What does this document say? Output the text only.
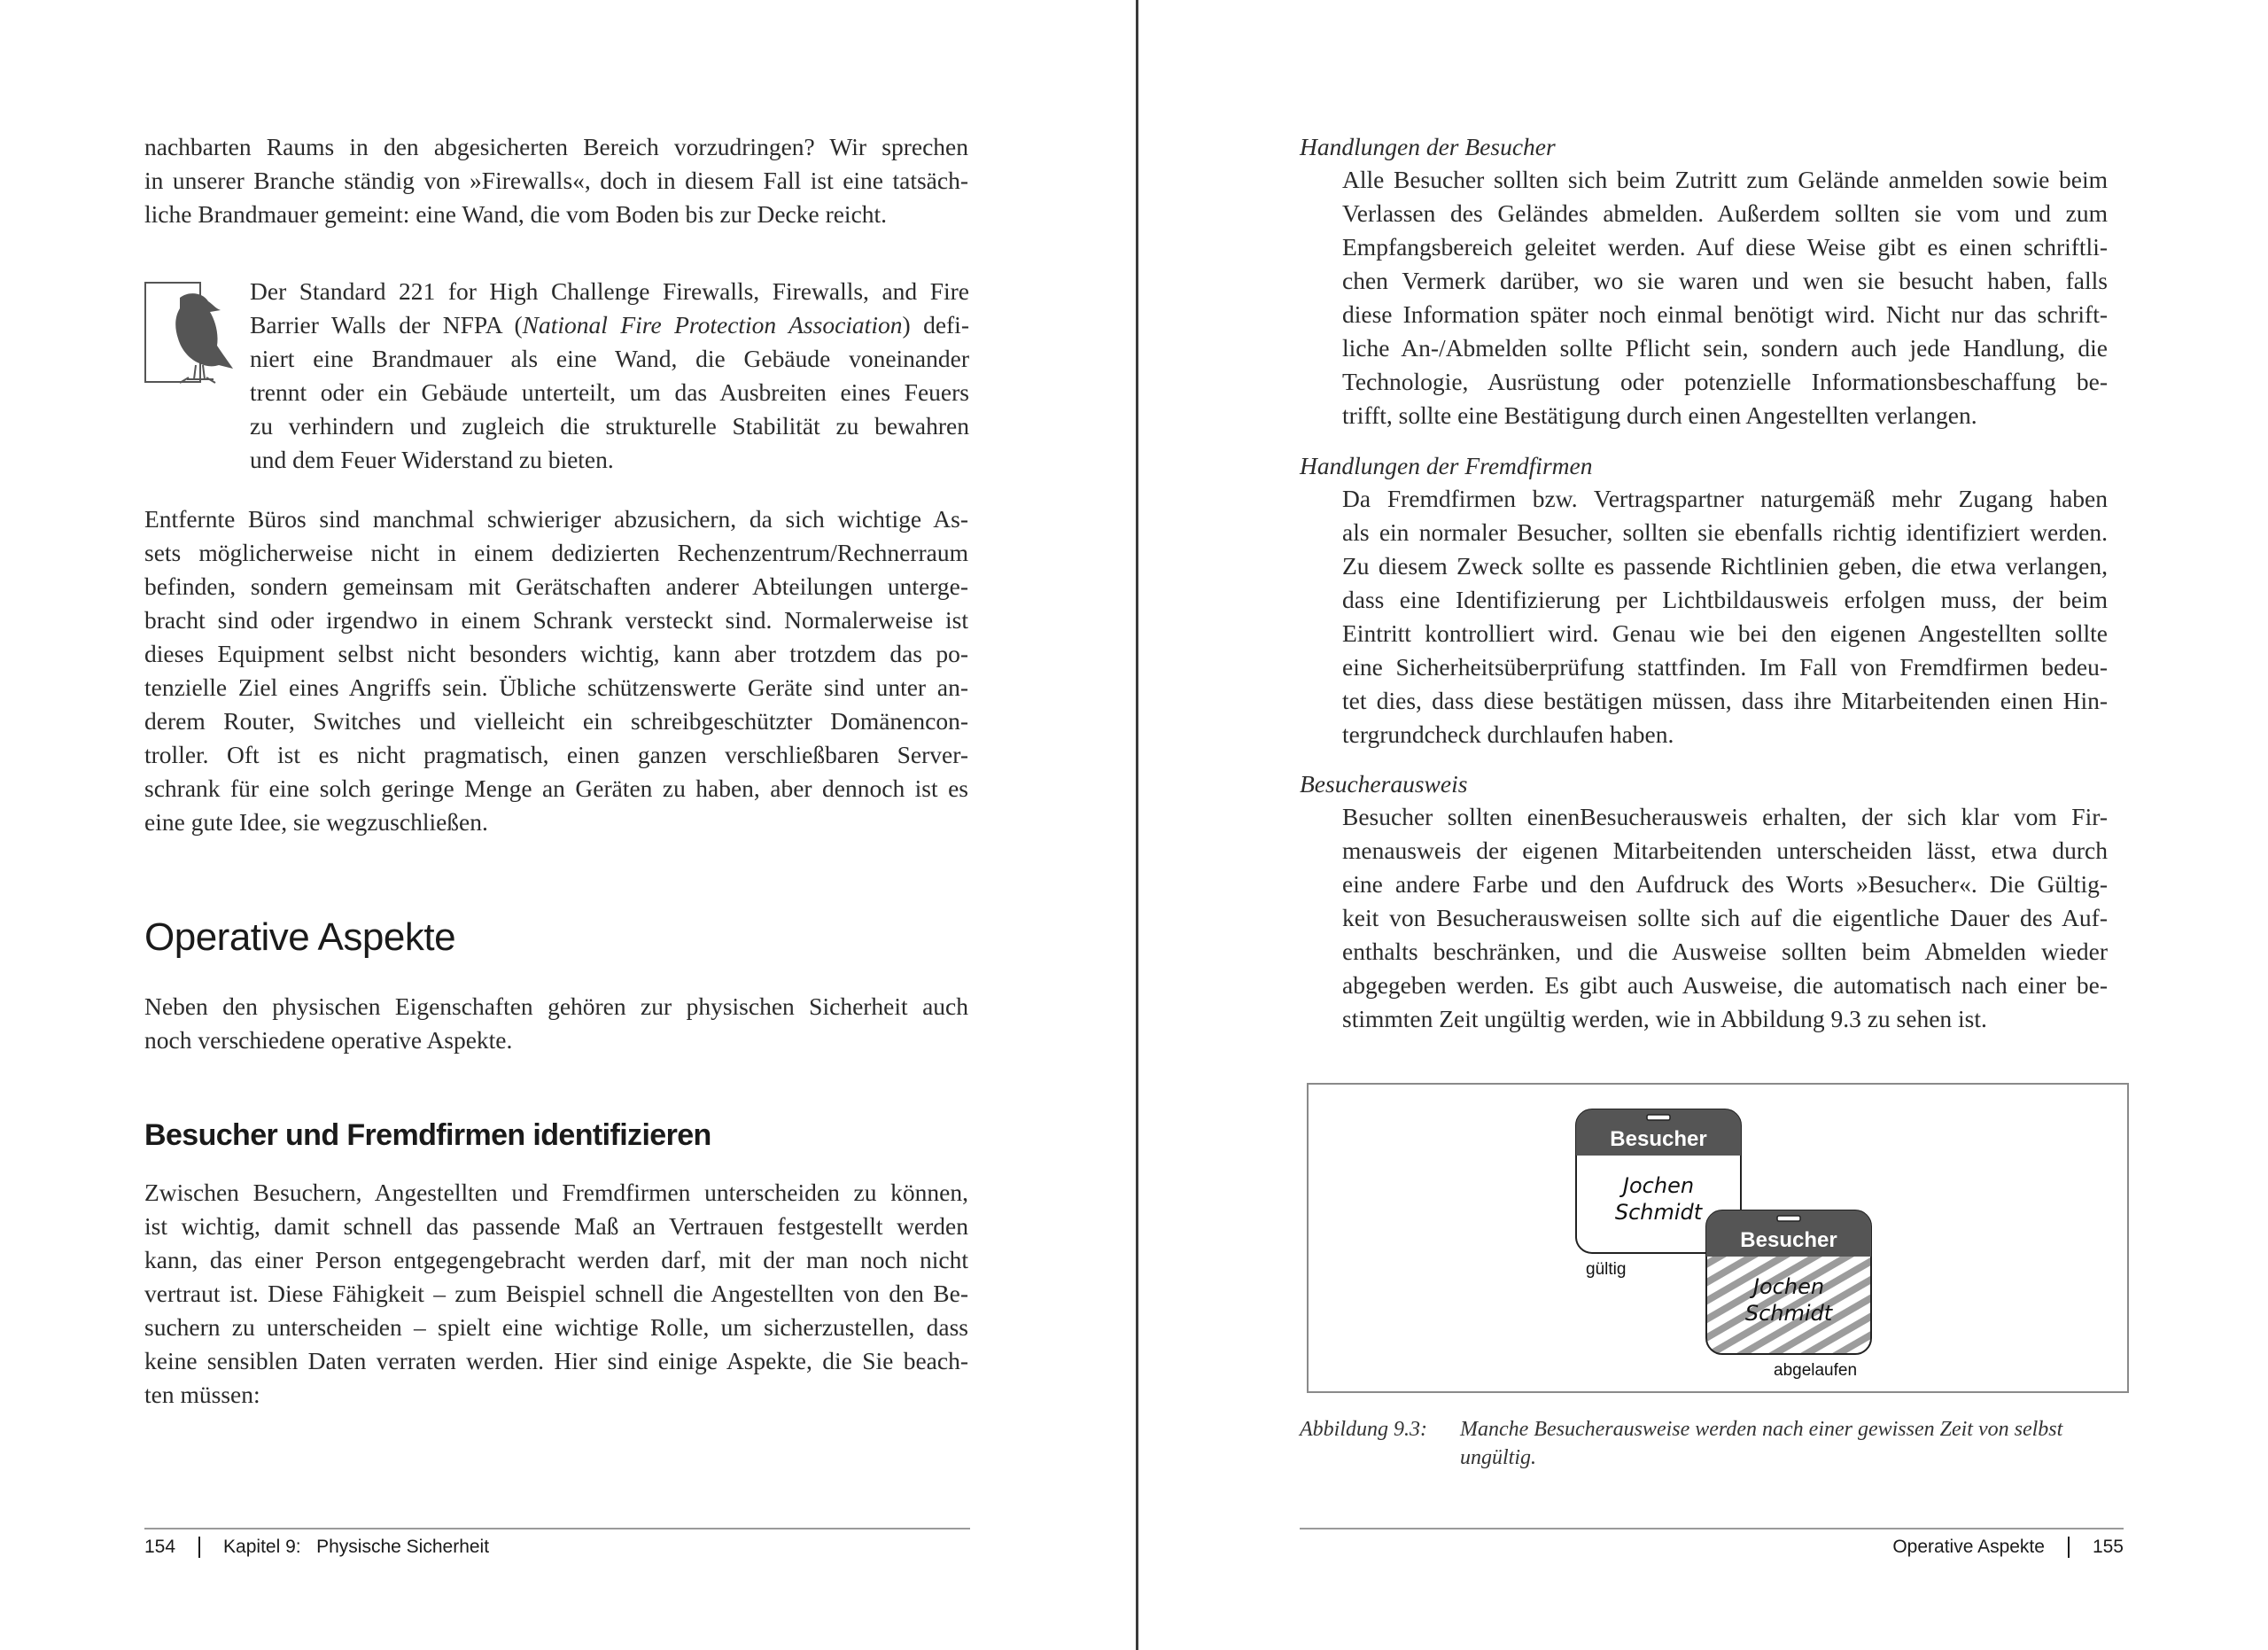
nachbarten Raums in den abgesicherten Bereich vorzudringen? Wir sprechen
in unserer Branche ständig von »Firewalls«, doch in diesem Fall ist eine tatsäch-
liche Brandmauer gemeint: eine Wand, die vom Boden bis zur Decke reicht.
Der Standard 221 for High Challenge Firewalls, Firewalls, and Fire
Barrier Walls der NFPA (National Fire Protection Association) defi-
niert eine Brandmauer als eine Wand, die Gebäude voneinander
trennt oder ein Gebäude unterteilt, um das Ausbreiten eines Feuers
zu verhindern und zugleich die strukturelle Stabilität zu bewahren
und dem Feuer Widerstand zu bieten.
Entfernte Büros sind manchmal schwieriger abzusichern, da sich wichtige As-
sets möglicherweise nicht in einem dedizierten Rechenzentrum/Rechnerraum
befinden, sondern gemeinsam mit Gerätschaften anderer Abteilungen unterge-
bracht sind oder irgendwo in einem Schrank versteckt sind. Normalerweise ist
dieses Equipment selbst nicht besonders wichtig, kann aber trotzdem das po-
tenzielle Ziel eines Angriffs sein. Übliche schützenswerte Geräte sind unter an-
derem Router, Switches und vielleicht ein schreibgeschützter Domänencon-
troller. Oft ist es nicht pragmatisch, einen ganzen verschließbaren Server-
schrank für eine solch geringe Menge an Geräten zu haben, aber dennoch ist es
eine gute Idee, sie wegzuschließen.
Operative Aspekte
Neben den physischen Eigenschaften gehören zur physischen Sicherheit auch
noch verschiedene operative Aspekte.
Besucher und Fremdfirmen identifizieren
Zwischen Besuchern, Angestellten und Fremdfirmen unterscheiden zu können,
ist wichtig, damit schnell das passende Maß an Vertrauen festgestellt werden
kann, das einer Person entgegengebracht werden darf, mit der man noch nicht
vertraut ist. Diese Fähigkeit – zum Beispiel schnell die Angestellten von den Be-
suchern zu unterscheiden – spielt eine wichtige Rolle, um sicherzustellen, dass
keine sensiblen Daten verraten werden. Hier sind einige Aspekte, die Sie beach-
ten müssen:
154	Kapitel 9: Physische Sicherheit
Handlungen der Besucher
Alle Besucher sollten sich beim Zutritt zum Gelände anmelden sowie beim
Verlassen des Geländes abmelden. Außerdem sollten sie vom und zum
Empfangsbereich geleitet werden. Auf diese Weise gibt es einen schriftli-
chen Vermerk darüber, wo sie waren und wen sie besucht haben, falls
diese Information später noch einmal benötigt wird. Nicht nur das schrift-
liche An-/Abmelden sollte Pflicht sein, sondern auch jede Handlung, die
Technologie, Ausrüstung oder potenzielle Informationsbeschaffung be-
trifft, sollte eine Bestätigung durch einen Angestellten verlangen.
Handlungen der Fremdfirmen
Da Fremdfirmen bzw. Vertragspartner naturgemäß mehr Zugang haben
als ein normaler Besucher, sollten sie ebenfalls richtig identifiziert werden.
Zu diesem Zweck sollte es passende Richtlinien geben, die etwa verlangen,
dass eine Identifizierung per Lichtbildausweis erfolgen muss, der beim
Eintritt kontrolliert wird. Genau wie bei den eigenen Angestellten sollte
eine Sicherheitsüberprüfung stattfinden. Im Fall von Fremdfirmen bedeu-
tet dies, dass diese bestätigen müssen, dass ihre Mitarbeitenden einen Hin-
tergrundcheck durchlaufen haben.
Besucherausweis
Besucher sollten einenBesucherausweis erhalten, der sich klar vom Fir-
menausweis der eigenen Mitarbeitenden unterscheiden lässt, etwa durch
eine andere Farbe und den Aufdruck des Worts »Besucher«. Die Gültig-
keit von Besucherausweisen sollte sich auf die eigentliche Dauer des Auf-
enthalts beschränken, und die Ausweise sollten beim Abmelden wieder
abgegeben werden. Es gibt auch Ausweise, die automatisch nach einer be-
stimmten Zeit ungültig werden, wie in Abbildung 9.3 zu sehen ist.
Operative Aspekte	155
Besucher
Jochen
Schmidt
gültig
Besucher
Jochen
Schmidt
abgelaufen
Abbildung 9.3: Manche Besucherausweise werden nach einer gewissen Zeit von selbst
ungültig.
